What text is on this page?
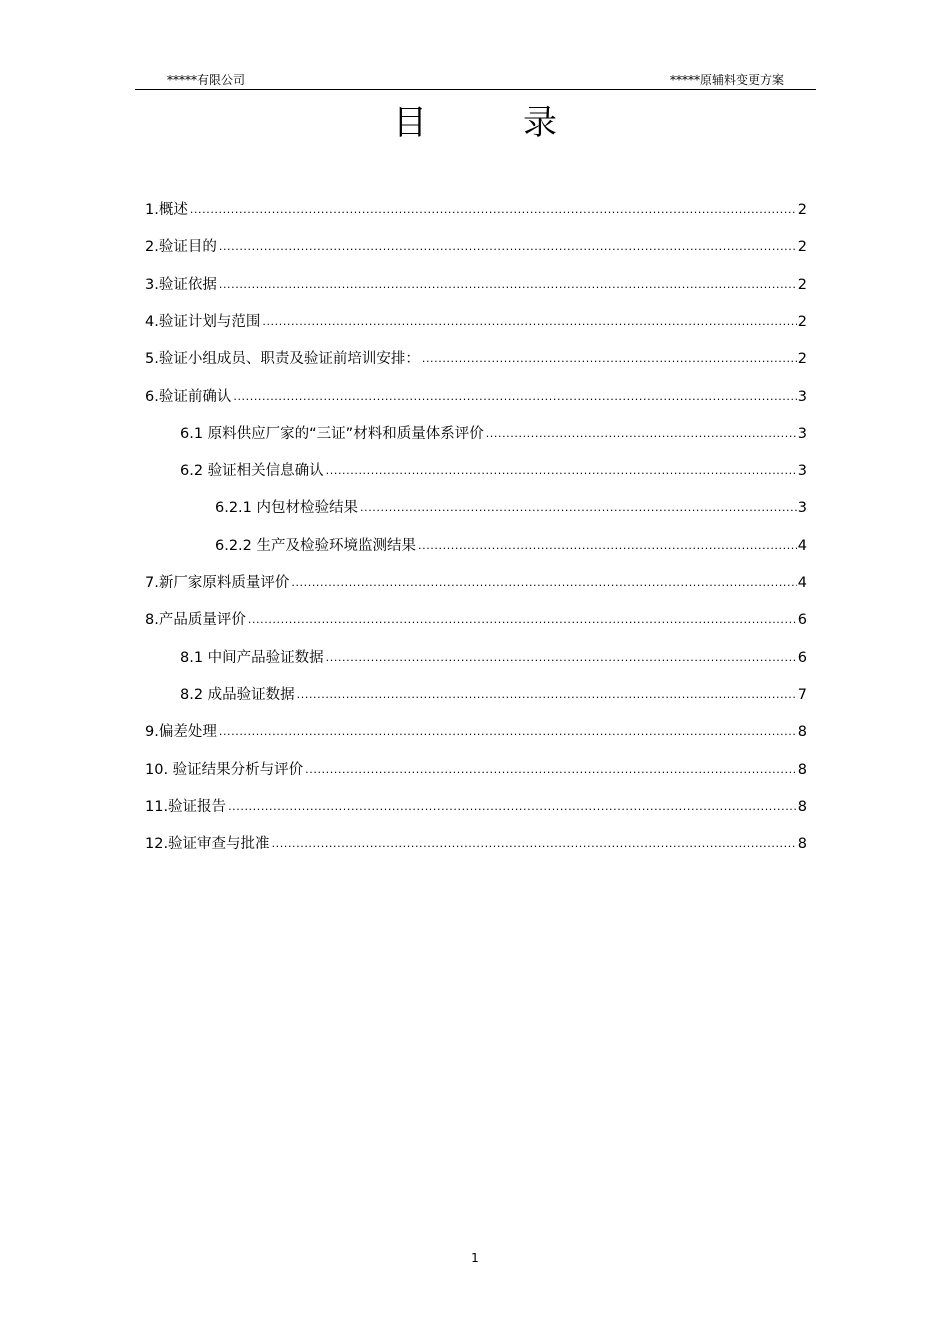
*****有限公司	*****原辅料变更方案
目录
1.概述 .....	2
2.验证目的 .....	2
3.验证依据 .....	2
4.验证计划与范围 .....	2
5.验证小组成员、职责及验证前培训安排： .....	2
6.验证前确认 .....	3
6.1 原料供应厂家的“三证”材料和质量体系评价 .....	3
6.2 验证相关信息确认 .....	3
6.2.1 内包材检验结果 .....	3
6.2.2 生产及检验环境监测结果 .....	4
7.新厂家原料质量评价 .....	4
8.产品质量评价 .....	6
8.1 中间产品验证数据 .....	6
8.2 成品验证数据 .....	7
9.偏差处理 .....	8
10. 验证结果分析与评价 .....	8
11.验证报告 .....	8
12.验证审查与批准 .....	8
1
